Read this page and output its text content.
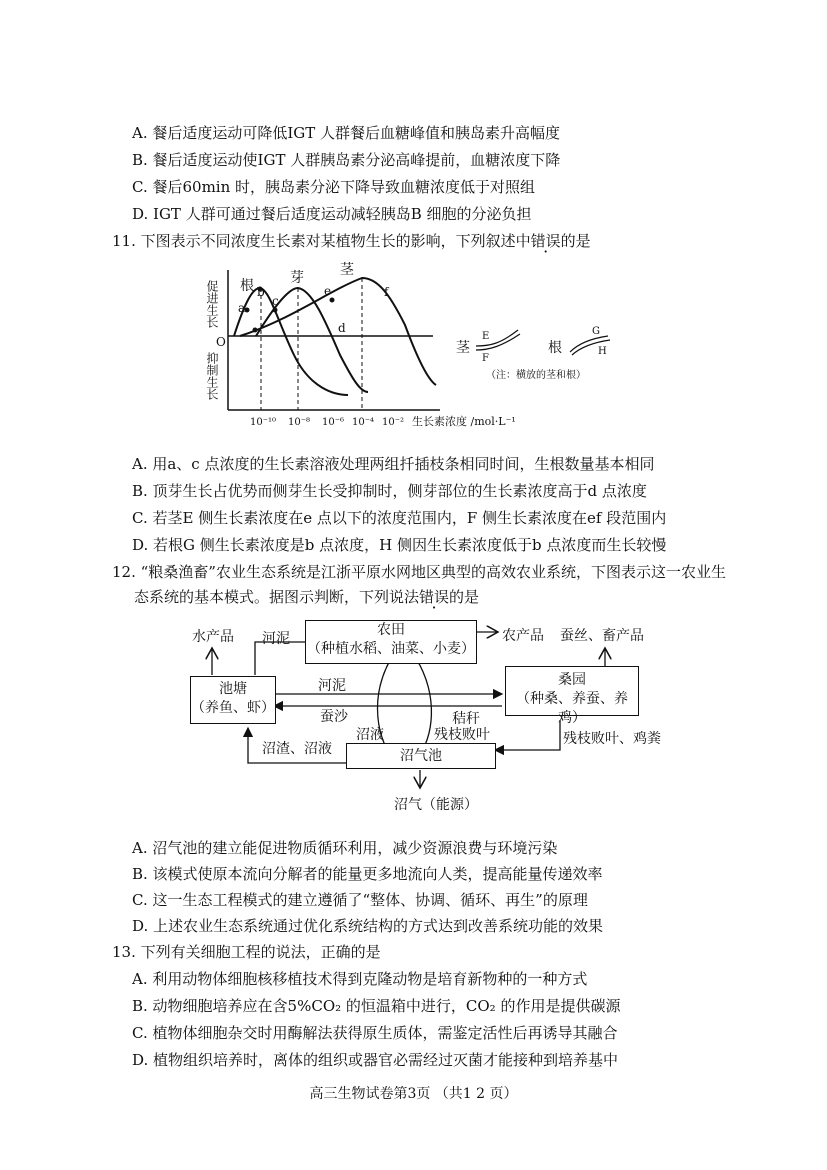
A. 餐后适度运动可降低IGT 人群餐后血糖峰值和胰岛素升高幅度
B. 餐后适度运动使IGT 人群胰岛素分泌高峰提前，血糖浓度下降
C. 餐后60min 时，胰岛素分泌下降导致血糖浓度低于对照组
D. IGT 人群可通过餐后适度运动减轻胰岛B 细胞的分泌负担
11. 下图表示不同浓度生长素对某植物生长的影响，下列叙述中错误的是
促进生长
O
抑制生长
根	芽	茎
a
b
c
d
e	f
10⁻¹⁰ 10⁻⁸ 10⁻⁶ 10⁻⁴ 10⁻² 生长素浓度 /mol·L⁻¹
茎
E
F
根
G
H
（注：横放的茎和根）
A. 用a、c 点浓度的生长素溶液处理两组扦插枝条相同时间，生根数量基本相同
B. 顶芽生长占优势而侧芽生长受抑制时，侧芽部位的生长素浓度高于d 点浓度
C. 若茎E 侧生长素浓度在e 点以下的浓度范围内，F 侧生长素浓度在ef 段范围内
D. 若根G 侧生长素浓度是b 点浓度，H 侧因生长素浓度低于b 点浓度而生长较慢
12. “粮桑渔畜”农业生态系统是江浙平原水网地区典型的高效农业系统，下图表示这一农业生
态系统的基本模式。据图示判断，下列说法错误的是
农田
（种植水稻、油菜、小麦）
池塘
（养鱼、虾）
桑园
（种桑、养蚕、养鸡）
沼气池
水产品 河泥	农产品 蚕丝、畜产品
河泥
蚕沙
沼液
秸秆
残枝败叶	残枝败叶、鸡粪
沼渣、沼液
沼气（能源）
A. 沼气池的建立能促进物质循环利用，减少资源浪费与环境污染
B. 该模式使原本流向分解者的能量更多地流向人类，提高能量传递效率
C. 这一生态工程模式的建立遵循了“整体、协调、循环、再生”的原理
D. 上述农业生态系统通过优化系统结构的方式达到改善系统功能的效果
13. 下列有关细胞工程的说法，正确的是
A. 利用动物体细胞核移植技术得到克隆动物是培育新物种的一种方式
B. 动物细胞培养应在含5%CO₂ 的恒温箱中进行，CO₂ 的作用是提供碳源
C. 植物体细胞杂交时用酶解法获得原生质体，需鉴定活性后再诱导其融合
D. 植物组织培养时，离体的组织或器官必需经过灭菌才能接种到培养基中
高三生物试卷第3页 （共1 2 页）
